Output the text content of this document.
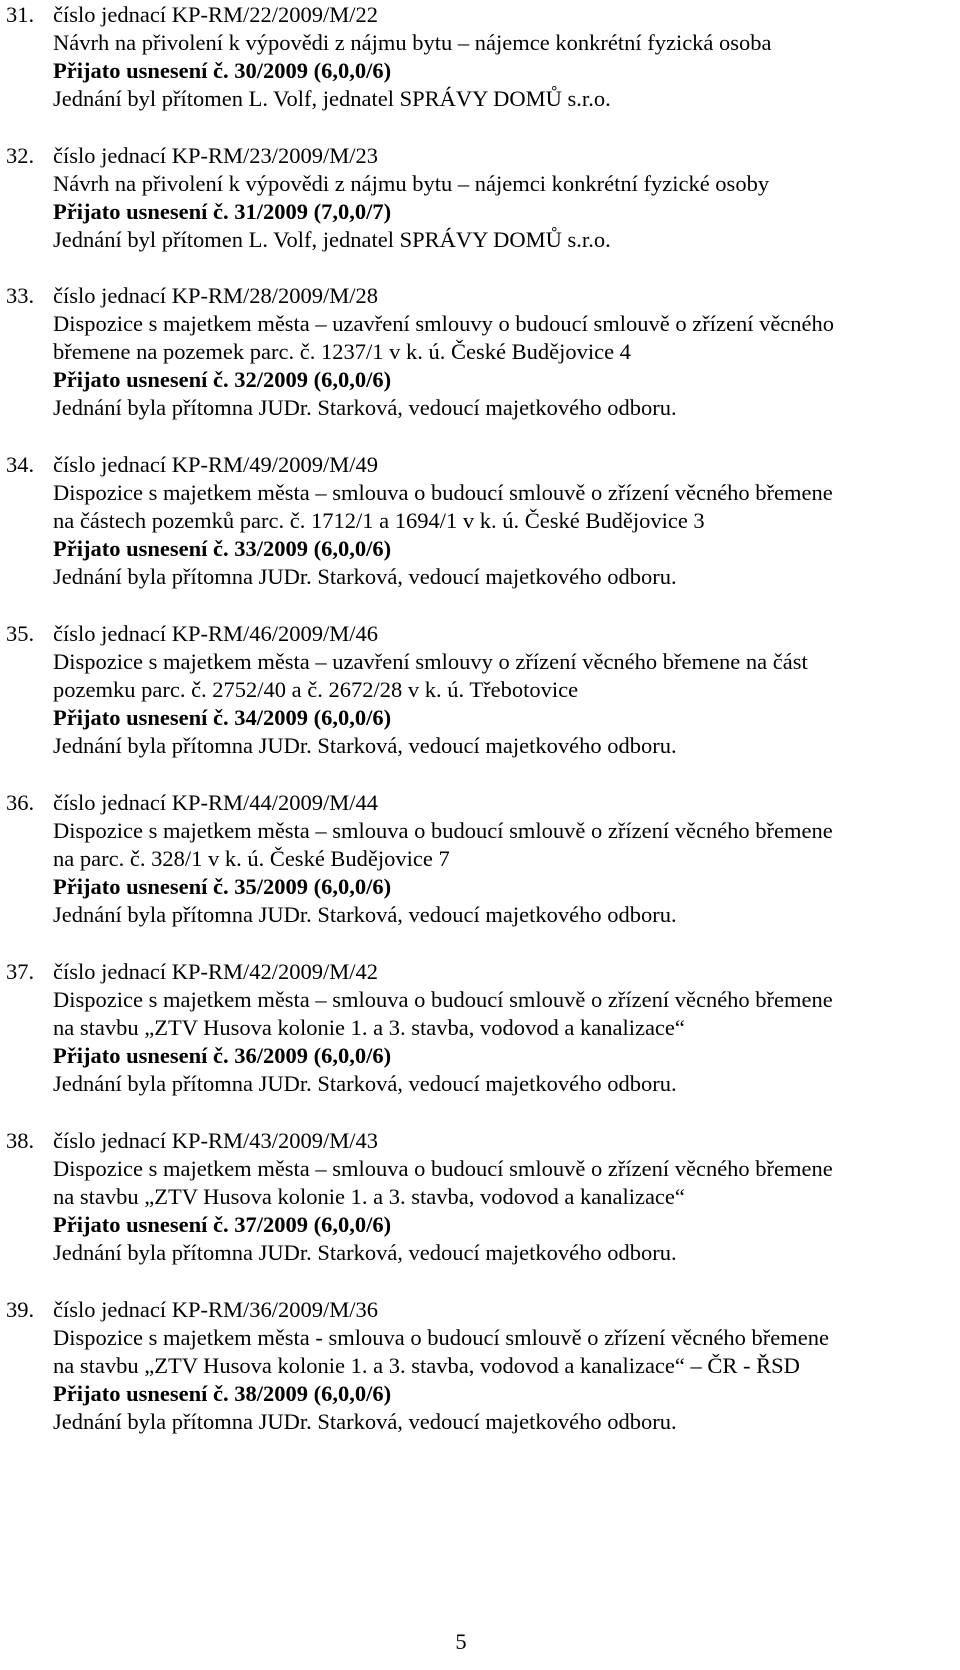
31. číslo jednací KP-RM/22/2009/M/22
Návrh na přivolení k výpovědi z nájmu bytu – nájemce konkrétní fyzická osoba
Přijato usnesení č. 30/2009 (6,0,0/6)
Jednání byl přítomen L. Volf, jednatel SPRÁVY DOMŮ s.r.o.
32. číslo jednací KP-RM/23/2009/M/23
Návrh na přivolení k výpovědi z nájmu bytu – nájemci konkrétní fyzické osoby
Přijato usnesení č. 31/2009 (7,0,0/7)
Jednání byl přítomen L. Volf, jednatel SPRÁVY DOMŮ s.r.o.
33. číslo jednací KP-RM/28/2009/M/28
Dispozice s majetkem města – uzavření smlouvy o budoucí smlouvě o zřízení věcného
břemene na pozemek parc. č. 1237/1 v k. ú. České Budějovice 4
Přijato usnesení č. 32/2009 (6,0,0/6)
Jednání byla přítomna JUDr. Starková, vedoucí majetkového odboru.
34. číslo jednací KP-RM/49/2009/M/49
Dispozice s majetkem města – smlouva o budoucí smlouvě o zřízení věcného břemene
na částech pozemků parc. č. 1712/1 a 1694/1 v k. ú. České Budějovice 3
Přijato usnesení č. 33/2009 (6,0,0/6)
Jednání byla přítomna JUDr. Starková, vedoucí majetkového odboru.
35. číslo jednací KP-RM/46/2009/M/46
Dispozice s majetkem města – uzavření smlouvy o zřízení věcného břemene na část
pozemku parc. č. 2752/40 a č. 2672/28 v k. ú. Třebotovice
Přijato usnesení č. 34/2009 (6,0,0/6)
Jednání byla přítomna JUDr. Starková, vedoucí majetkového odboru.
36. číslo jednací KP-RM/44/2009/M/44
Dispozice s majetkem města – smlouva o budoucí smlouvě o zřízení věcného břemene
na parc. č. 328/1 v k. ú. České Budějovice 7
Přijato usnesení č. 35/2009 (6,0,0/6)
Jednání byla přítomna JUDr. Starková, vedoucí majetkového odboru.
37. číslo jednací KP-RM/42/2009/M/42
Dispozice s majetkem města – smlouva o budoucí smlouvě o zřízení věcného břemene
na stavbu „ZTV Husova kolonie 1. a 3. stavba, vodovod a kanalizace“
Přijato usnesení č. 36/2009 (6,0,0/6)
Jednání byla přítomna JUDr. Starková, vedoucí majetkového odboru.
38. číslo jednací KP-RM/43/2009/M/43
Dispozice s majetkem města – smlouva o budoucí smlouvě o zřízení věcného břemene
na stavbu „ZTV Husova kolonie 1. a 3. stavba, vodovod a kanalizace“
Přijato usnesení č. 37/2009 (6,0,0/6)
Jednání byla přítomna JUDr. Starková, vedoucí majetkového odboru.
39. číslo jednací KP-RM/36/2009/M/36
Dispozice s majetkem města - smlouva o budoucí smlouvě o zřízení věcného břemene
na stavbu „ZTV Husova kolonie 1. a 3. stavba, vodovod a kanalizace“ – ČR - ŘSD
Přijato usnesení č. 38/2009 (6,0,0/6)
Jednání byla přítomna JUDr. Starková, vedoucí majetkového odboru.
5
